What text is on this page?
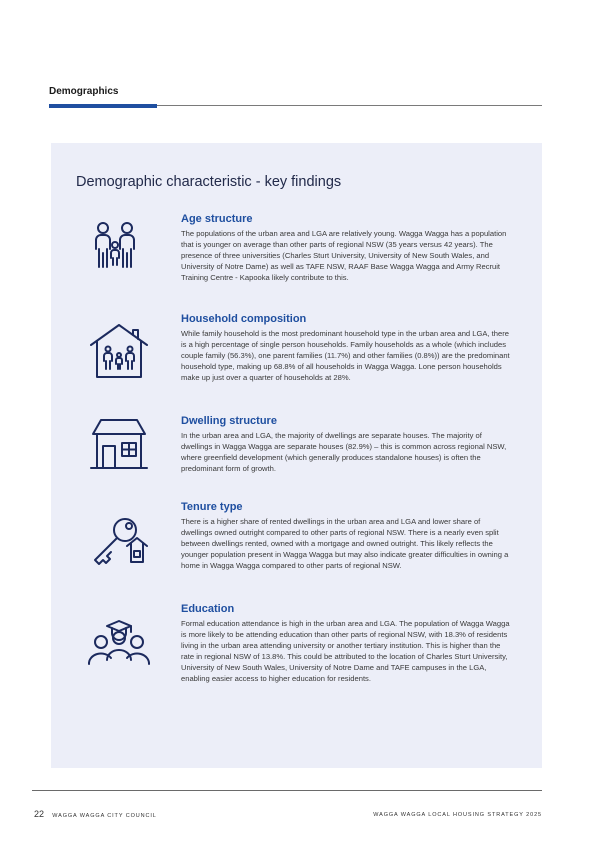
Demographics
Demographic characteristic - key findings
Age structure

The populations of the urban area and LGA are relatively young. Wagga Wagga has a population that is younger on average than other parts of regional NSW (35 years versus 42 years). The presence of three universities (Charles Sturt University, University of New South Wales, and University of Notre Dame) as well as TAFE NSW, RAAF Base Wagga Wagga and Army Recruit Training Centre - Kapooka likely contribute to this.

Household composition

While family household is the most predominant household type in the urban area and LGA, there is a high percentage of single person households. Family households as a whole (which includes couple family (56.3%), one parent families (11.7%) and other families (0.8%)) are the predominant household type, making up 68.8% of all households in Wagga Wagga. Lone person households make up just over a quarter of households at 28%.

Dwelling structure

In the urban area and LGA, the majority of dwellings are separate houses. The majority of dwellings in Wagga Wagga are separate houses (82.9%) – this is common across regional NSW, where greenfield development (which generally produces standalone houses) is often the predominant form of growth.

Tenure type

There is a higher share of rented dwellings in the urban area and LGA and lower share of dwellings owned outright compared to other parts of regional NSW. There is a nearly even split between dwellings rented, owned with a mortgage and owned outright. This likely reflects the younger population present in Wagga Wagga but may also indicate greater difficulties in owning a home in Wagga Wagga compared to other parts of regional NSW.

Education

Formal education attendance is high in the urban area and LGA. The population of Wagga Wagga is more likely to be attending education than other parts of regional NSW, with 18.3% of residents living in the urban area attending university or another tertiary institution. This is higher than the rate in regional NSW of 13.8%. This could be attributed to the location of Charles Sturt University, University of New South Wales, University of Notre Dame and TAFE campuses in the LGA, enabling easier access to higher education for residents.

22 WAGGA WAGGA CITY COUNCIL	WAGGA WAGGA LOCAL HOUSING STRATEGY 2025
